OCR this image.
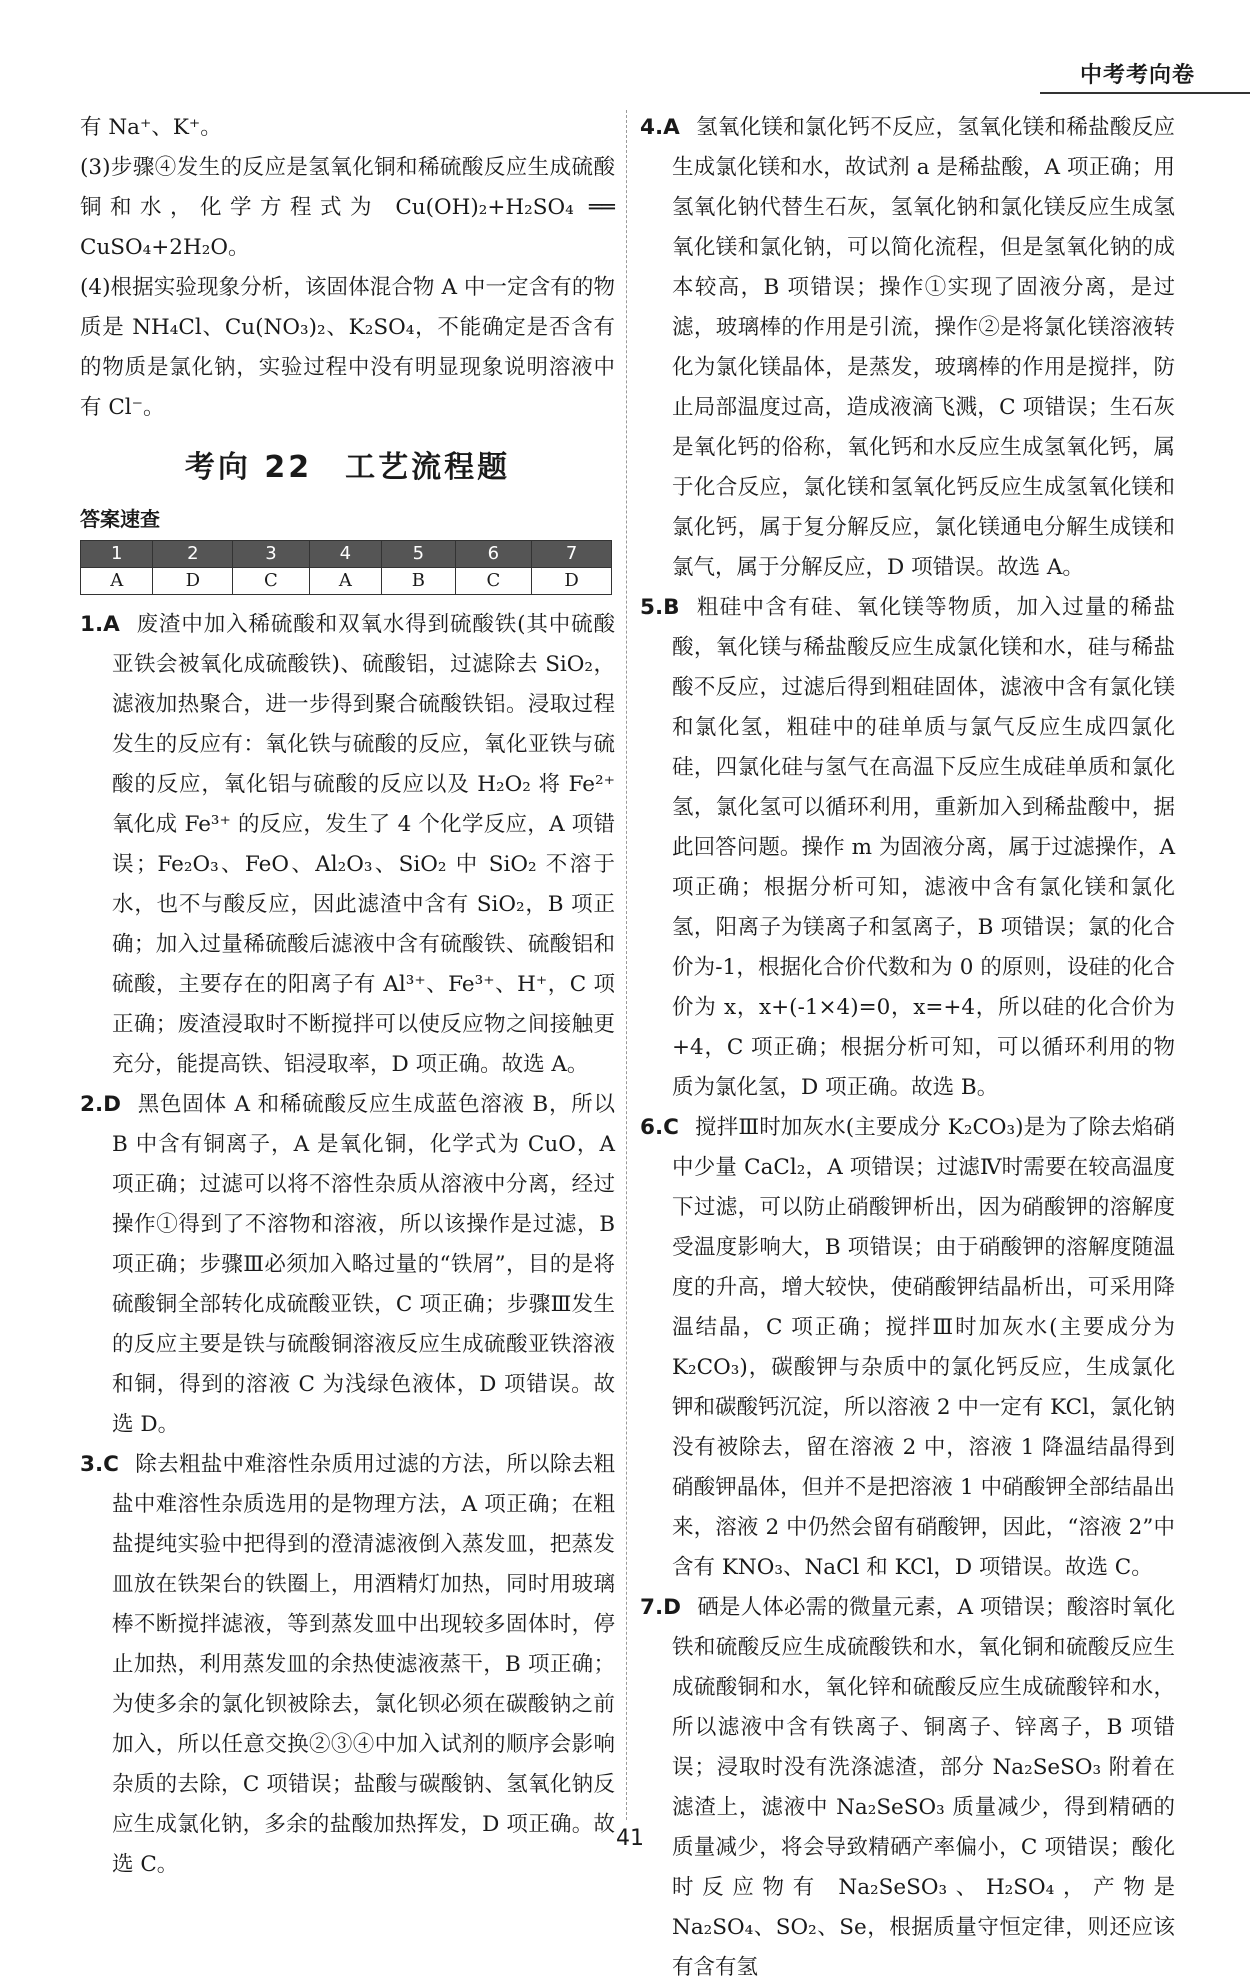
中考考向卷

有 Na⁺、K⁺。

(3)步骤④发生的反应是氢氧化铜和稀硫酸反应生成硫酸铜和水，化学方程式为 Cu(OH)₂+H₂SO₄ ══ CuSO₄+2H₂O。

(4)根据实验现象分析，该固体混合物 A 中一定含有的物质是 NH₄Cl、Cu(NO₃)₂、K₂SO₄，不能确定是否含有的物质是氯化钠，实验过程中没有明显现象说明溶液中有 Cl⁻。

考向 22　工艺流程题
答案速查
1	2	3	4	5	6	7
A	D	C	A	B	C	D

1.A 废渣中加入稀硫酸和双氧水得到硫酸铁(其中硫酸亚铁会被氧化成硫酸铁)、硫酸铝，过滤除去 SiO₂，滤液加热聚合，进一步得到聚合硫酸铁铝。浸取过程发生的反应有：氧化铁与硫酸的反应，氧化亚铁与硫酸的反应，氧化铝与硫酸的反应以及 H₂O₂ 将 Fe²⁺ 氧化成 Fe³⁺ 的反应，发生了 4 个化学反应，A 项错误；Fe₂O₃、FeO、Al₂O₃、SiO₂ 中 SiO₂ 不溶于水，也不与酸反应，因此滤渣中含有 SiO₂，B 项正确；加入过量稀硫酸后滤液中含有硫酸铁、硫酸铝和硫酸，主要存在的阳离子有 Al³⁺、Fe³⁺、H⁺，C 项正确；废渣浸取时不断搅拌可以使反应物之间接触更充分，能提高铁、铝浸取率，D 项正确。故选 A。

2.D 黑色固体 A 和稀硫酸反应生成蓝色溶液 B，所以 B 中含有铜离子，A 是氧化铜，化学式为 CuO，A 项正确；过滤可以将不溶性杂质从溶液中分离，经过操作①得到了不溶物和溶液，所以该操作是过滤，B 项正确；步骤Ⅲ必须加入略过量的“铁屑”，目的是将硫酸铜全部转化成硫酸亚铁，C 项正确；步骤Ⅲ发生的反应主要是铁与硫酸铜溶液反应生成硫酸亚铁溶液和铜，得到的溶液 C 为浅绿色液体，D 项错误。故选 D。

3.C 除去粗盐中难溶性杂质用过滤的方法，所以除去粗盐中难溶性杂质选用的是物理方法，A 项正确；在粗盐提纯实验中把得到的澄清滤液倒入蒸发皿，把蒸发皿放在铁架台的铁圈上，用酒精灯加热，同时用玻璃棒不断搅拌滤液，等到蒸发皿中出现较多固体时，停止加热，利用蒸发皿的余热使滤液蒸干，B 项正确；为使多余的氯化钡被除去，氯化钡必须在碳酸钠之前加入，所以任意交换②③④中加入试剂的顺序会影响杂质的去除，C 项错误；盐酸与碳酸钠、氢氧化钠反应生成氯化钠，多余的盐酸加热挥发，D 项正确。故选 C。

4.A 氢氧化镁和氯化钙不反应，氢氧化镁和稀盐酸反应生成氯化镁和水，故试剂 a 是稀盐酸，A 项正确；用氢氧化钠代替生石灰，氢氧化钠和氯化镁反应生成氢氧化镁和氯化钠，可以简化流程，但是氢氧化钠的成本较高，B 项错误；操作①实现了固液分离，是过滤，玻璃棒的作用是引流，操作②是将氯化镁溶液转化为氯化镁晶体，是蒸发，玻璃棒的作用是搅拌，防止局部温度过高，造成液滴飞溅，C 项错误；生石灰是氧化钙的俗称，氧化钙和水反应生成氢氧化钙，属于化合反应，氯化镁和氢氧化钙反应生成氢氧化镁和氯化钙，属于复分解反应，氯化镁通电分解生成镁和氯气，属于分解反应，D 项错误。故选 A。

5.B 粗硅中含有硅、氧化镁等物质，加入过量的稀盐酸，氧化镁与稀盐酸反应生成氯化镁和水，硅与稀盐酸不反应，过滤后得到粗硅固体，滤液中含有氯化镁和氯化氢，粗硅中的硅单质与氯气反应生成四氯化硅，四氯化硅与氢气在高温下反应生成硅单质和氯化氢，氯化氢可以循环利用，重新加入到稀盐酸中，据此回答问题。操作 m 为固液分离，属于过滤操作，A 项正确；根据分析可知，滤液中含有氯化镁和氯化氢，阳离子为镁离子和氢离子，B 项错误；氯的化合价为-1，根据化合价代数和为 0 的原则，设硅的化合价为 x，x+(-1×4)=0，x=+4，所以硅的化合价为+4，C 项正确；根据分析可知，可以循环利用的物质为氯化氢，D 项正确。故选 B。

6.C 搅拌Ⅲ时加灰水(主要成分 K₂CO₃)是为了除去焰硝中少量 CaCl₂，A 项错误；过滤Ⅳ时需要在较高温度下过滤，可以防止硝酸钾析出，因为硝酸钾的溶解度受温度影响大，B 项错误；由于硝酸钾的溶解度随温度的升高，增大较快，使硝酸钾结晶析出，可采用降温结晶，C 项正确；搅拌Ⅲ时加灰水(主要成分为 K₂CO₃)，碳酸钾与杂质中的氯化钙反应，生成氯化钾和碳酸钙沉淀，所以溶液 2 中一定有 KCl，氯化钠没有被除去，留在溶液 2 中，溶液 1 降温结晶得到硝酸钾晶体，但并不是把溶液 1 中硝酸钾全部结晶出来，溶液 2 中仍然会留有硝酸钾，因此，“溶液 2”中含有 KNO₃、NaCl 和 KCl，D 项错误。故选 C。

7.D 硒是人体必需的微量元素，A 项错误；酸溶时氧化铁和硫酸反应生成硫酸铁和水，氧化铜和硫酸反应生成硫酸铜和水，氧化锌和硫酸反应生成硫酸锌和水，所以滤液中含有铁离子、铜离子、锌离子，B 项错误；浸取时没有洗涤滤渣，部分 Na₂SeSO₃ 附着在滤渣上，滤液中 Na₂SeSO₃ 质量减少，得到精硒的质量减少，将会导致精硒产率偏小，C 项错误；酸化时反应物有 Na₂SeSO₃、H₂SO₄，产物是 Na₂SO₄、SO₂、Se，根据质量守恒定律，则还应该有含有氢

41
